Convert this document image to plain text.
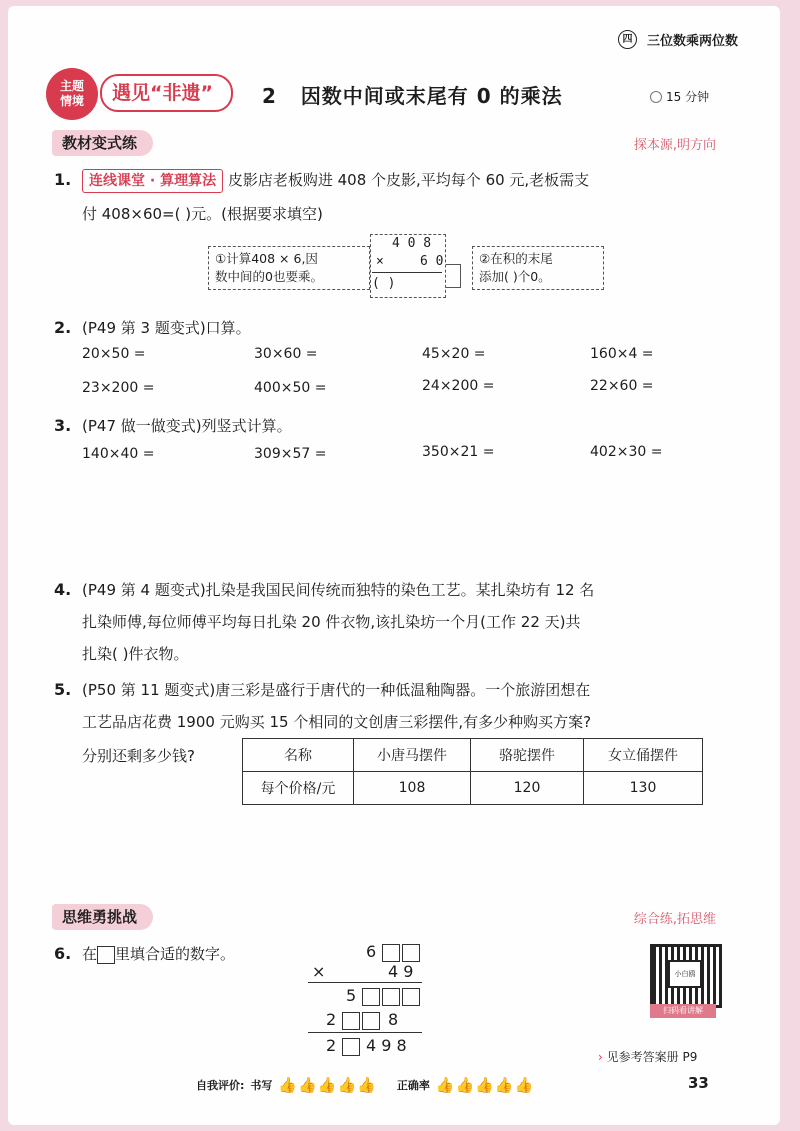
四	三位数乘两位数
主题
情境	遇见“非遗”	2 因数中间或末尾有 0 的乘法	15 分钟
教材变式练	探本源,明方向
1.	连线课堂 · 算理算法 皮影店老板购进 408 个皮影,平均每个 60 元,老板需支
付 408×60=( )元。(根据要求填空)
①计算408 × 6,因
数中间的0也要乘。
4 0 8
×	6 0
( )
②在积的末尾
添加( )个0。
2. (P49 第 3 题变式)口算。
20×50 =	30×60 =	45×20 =	160×4 =
23×200 =	400×50 =	24×200 =	22×60 =
3. (P47 做一做变式)列竖式计算。
140×40 =	309×57 =	350×21 =	402×30 =
4. (P49 第 4 题变式)扎染是我国民间传统而独特的染色工艺。某扎染坊有 12 名
扎染师傅,每位师傅平均每日扎染 20 件衣物,该扎染坊一个月(工作 22 天)共
扎染( )件衣物。
5. (P50 第 11 题变式)唐三彩是盛行于唐代的一种低温釉陶器。一个旅游团想在
工艺品店花费 1900 元购买 15 个相同的文创唐三彩摆件,有多少种购买方案?
分别还剩多少钱?	名称	小唐马摆件	骆驼摆件	女立俑摆件
每个价格/元	108	120	130
思维勇挑战	综合练,拓思维
6. 在 里填合适的数字。	6
×	4 9
5
2	8
2 4 9 8
小白鸥
扫码看讲解
› 见参考答案册 P9
自我评价: 书写 👍👍👍👍👍 正确率 👍👍👍👍👍	33
